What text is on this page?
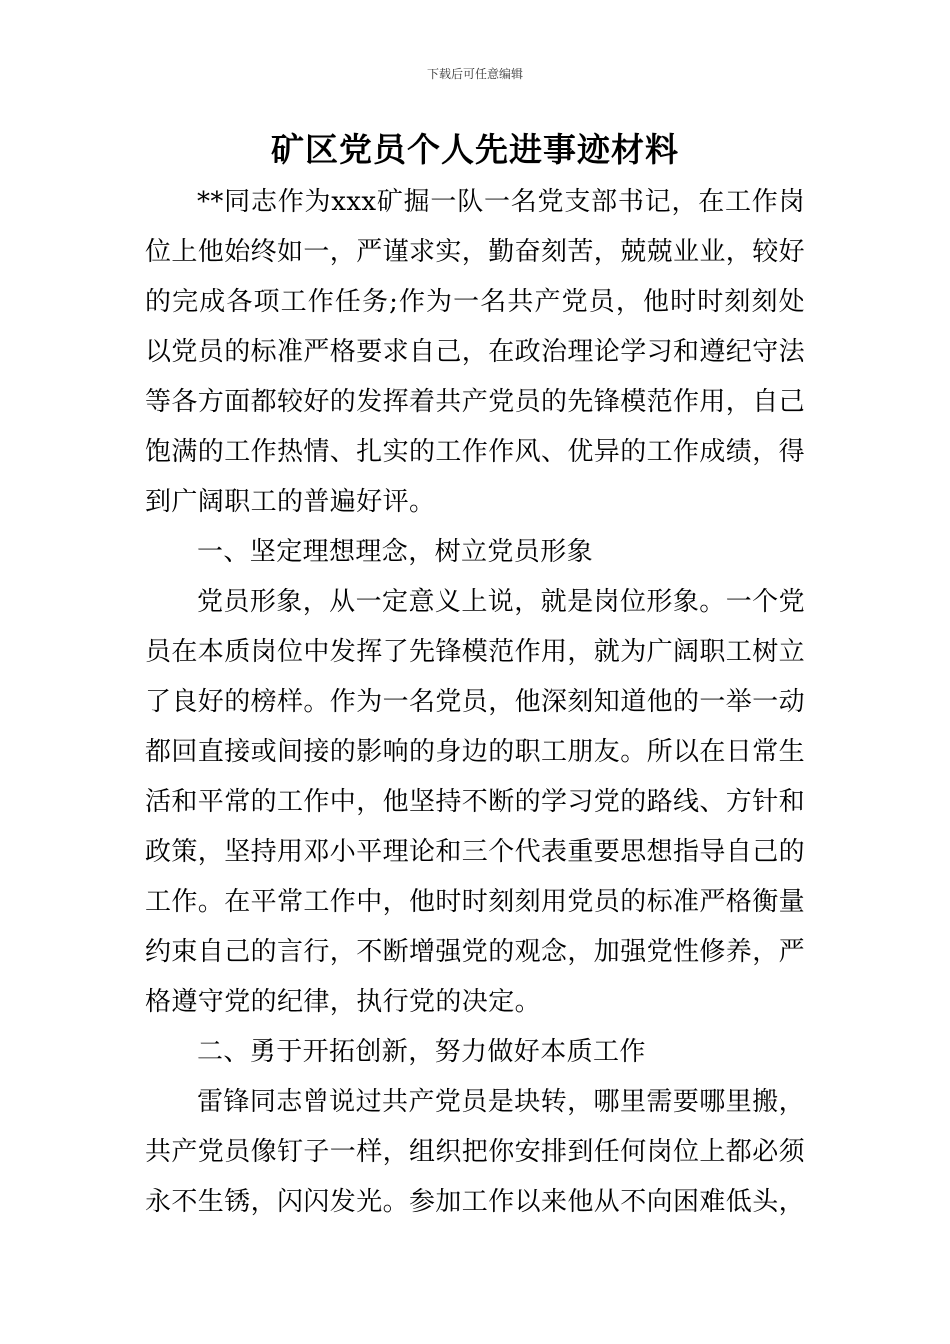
下载后可任意编辑
矿区党员个人先进事迹材料

**同志作为xxx矿掘一队一名党支部书记，在工作岗位上他始终如一，严谨求实，勤奋刻苦，兢兢业业，较好的完成各项工作任务;作为一名共产党员，他时时刻刻处以党员的标准严格要求自己，在政治理论学习和遵纪守法等各方面都较好的发挥着共产党员的先锋模范作用，自己饱满的工作热情、扎实的工作作风、优异的工作成绩，得到广阔职工的普遍好评。

一、坚定理想理念，树立党员形象

党员形象，从一定意义上说，就是岗位形象。一个党员在本质岗位中发挥了先锋模范作用，就为广阔职工树立了良好的榜样。作为一名党员，他深刻知道他的一举一动都回直接或间接的影响的身边的职工朋友。所以在日常生活和平常的工作中，他坚持不断的学习党的路线、方针和政策，坚持用邓小平理论和三个代表重要思想指导自己的工作。在平常工作中，他时时刻刻用党员的标准严格衡量约束自己的言行，不断增强党的观念，加强党性修养，严格遵守党的纪律，执行党的决定。

二、勇于开拓创新，努力做好本质工作

雷锋同志曾说过共产党员是块转，哪里需要哪里搬，共产党员像钉子一样，组织把你安排到任何岗位上都必须永不生锈，闪闪发光。参加工作以来他从不向困难低头，
